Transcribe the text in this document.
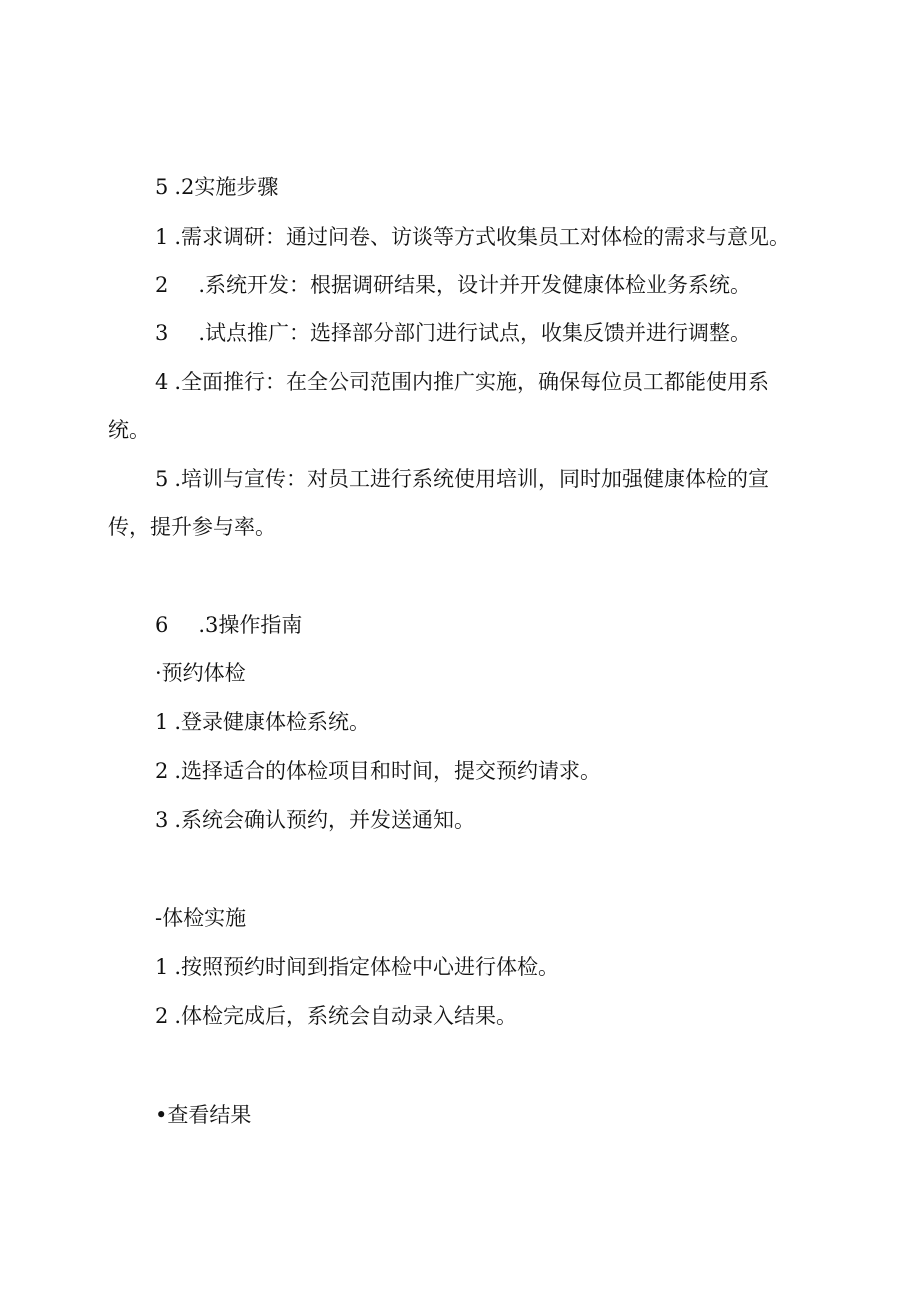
5 .2实施步骤
1 .需求调研：通过问卷、访谈等方式收集员工对体检的需求与意见。
2 .系统开发：根据调研结果，设计并开发健康体检业务系统。
3 .试点推广：选择部分部门进行试点，收集反馈并进行调整。
4 .全面推行：在全公司范围内推广实施，确保每位员工都能使用系
统。
5 .培训与宣传：对员工进行系统使用培训，同时加强健康体检的宣
传，提升参与率。
6 .3操作指南
·预约体检
1 .登录健康体检系统。
2 .选择适合的体检项目和时间，提交预约请求。
3 .系统会确认预约，并发送通知。
-体检实施
1 .按照预约时间到指定体检中心进行体检。
2 .体检完成后，系统会自动录入结果。
•查看结果
